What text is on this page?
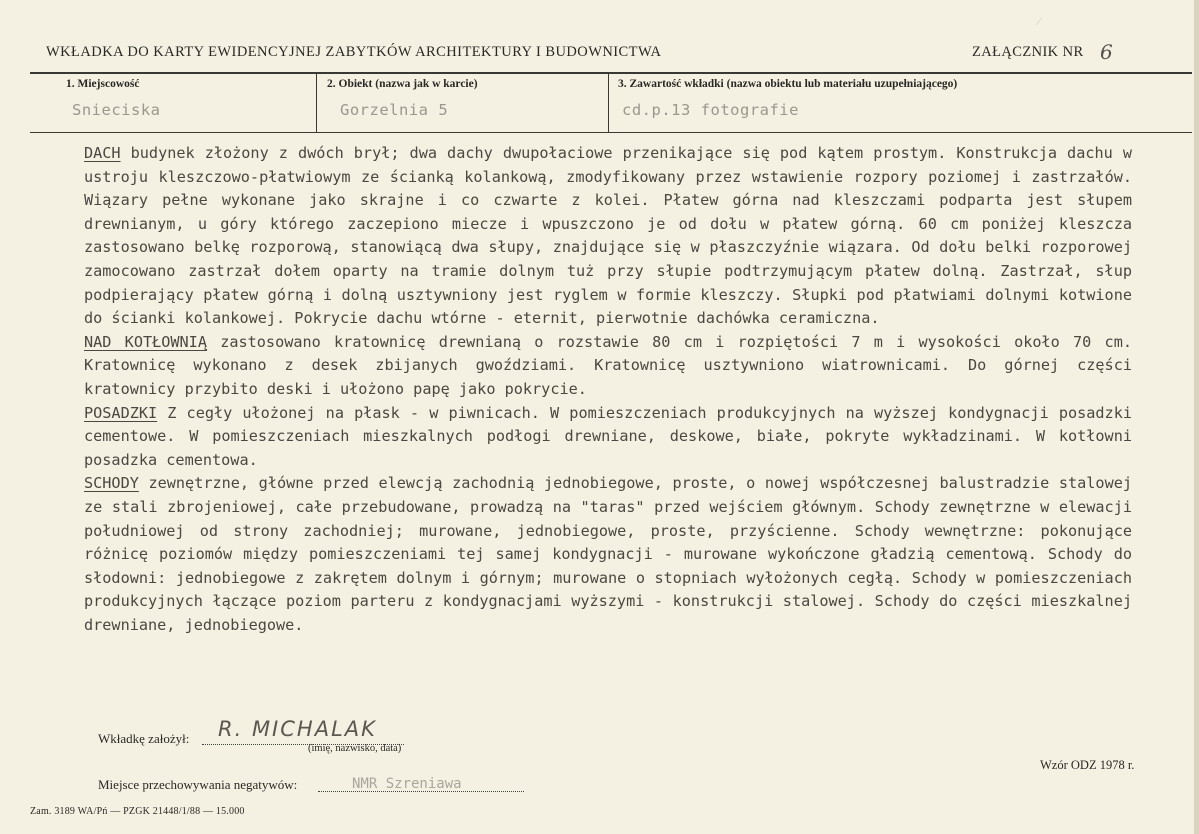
⁄
WKŁADKA DO KARTY EWIDENCYJNEJ ZABYTKÓW ARCHITEKTURY I BUDOWNICTWA	ZAŁĄCZNIK NR 6
1. Miejscowość
Snieciska
2. Obiekt (nazwa jak w karcie)
Gorzelnia 5
3. Zawartość wkładki (nazwa obiektu lub materiału uzupełniającego)
cd.p.13 fotografie

DACH budynek złożony z dwóch brył; dwa dachy dwupołaciowe przenikające się pod kątem prostym. Konstrukcja dachu w ustroju kleszczowo-płatwiowym ze ścianką kolankową, zmodyfikowany przez wstawienie rozpory poziomej i zastrzałów. Wiązary pełne wykonane jako skrajne i co czwarte z kolei. Płatew górna nad kleszczami podparta jest słupem drewnianym, u góry którego zaczepiono miecze i wpuszczono je od dołu w płatew górną. 60 cm poniżej kleszcza zastosowano belkę rozporową, stanowiącą dwa słupy, znajdujące się w płaszczyźnie wiązara. Od dołu belki rozporowej zamocowano zastrzał dołem oparty na tramie dolnym tuż przy słupie podtrzymującym płatew dolną. Zastrzał, słup podpierający płatew górną i dolną usztywniony jest ryglem w formie kleszczy. Słupki pod płatwiami dolnymi kotwione do ścianki kolankowej. Pokrycie dachu wtórne - eternit, pierwotnie dachówka ceramiczna.

NAD KOTŁOWNIĄ zastosowano kratownicę drewnianą o rozstawie 80 cm i rozpiętości 7 m i wysokości około 70 cm. Kratownicę wykonano z desek zbijanych gwoździami. Kratownicę usztywniono wiatrownicami. Do górnej części kratownicy przybito deski i ułożono papę jako pokrycie.

POSADZKI Z cegły ułożonej na płask - w piwnicach. W pomieszczeniach produkcyjnych na wyższej kondygnacji posadzki cementowe. W pomieszczeniach mieszkalnych podłogi drewniane, deskowe, białe, pokryte wykładzinami. W kotłowni posadzka cementowa.

SCHODY zewnętrzne, główne przed elewcją zachodnią jednobiegowe, proste, o nowej współczesnej balustradzie stalowej ze stali zbrojeniowej, całe przebudowane, prowadzą na "taras" przed wejściem głównym. Schody zewnętrzne w elewacji południowej od strony zachodniej; murowane, jednobiegowe, proste, przyścienne. Schody wewnętrzne: pokonujące różnicę poziomów między pomieszczeniami tej samej kondygnacji - murowane wykończone gładzią cementową. Schody do słodowni: jednobiegowe z zakrętem dolnym i górnym; murowane o stopniach wyłożonych cegłą. Schody w pomieszczeniach produkcyjnych łączące poziom parteru z kondygnacjami wyższymi - konstrukcji stalowej. Schody do części mieszkalnej drewniane, jednobiegowe.

Wkładkę założył: R. MICHALAK
(imię, nazwisko, data)
Wzór ODZ 1978 r.
Miejsce przechowywania negatywów:	NMR Szreniawa
Zam. 3189 WA/Pń — PZGK 21448/1/88 — 15.000
